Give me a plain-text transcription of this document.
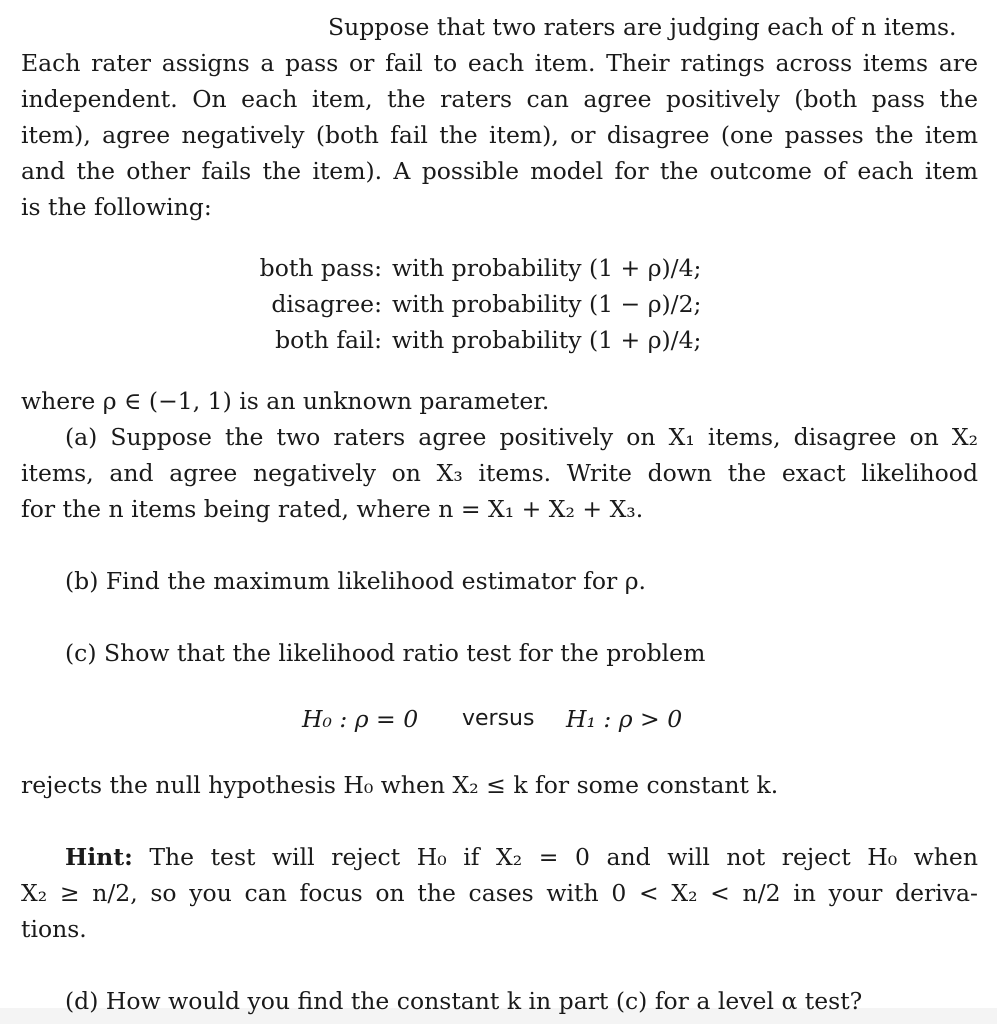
Suppose that two raters are judging each of n items.
Each rater assigns a pass or fail to each item. Their ratings across items are
independent. On each item, the raters can agree positively (both pass the
item), agree negatively (both fail the item), or disagree (one passes the item
and the other fails the item). A possible model for the outcome of each item
is the following:
both pass: with probability (1 + ρ)/4;
disagree: with probability (1 − ρ)/2;
both fail: with probability (1 + ρ)/4;
where ρ ∈ (−1, 1) is an unknown parameter.
(a) Suppose the two raters agree positively on X₁ items, disagree on X₂
items, and agree negatively on X₃ items. Write down the exact likelihood
for the n items being rated, where n = X₁ + X₂ + X₃.
(b) Find the maximum likelihood estimator for ρ.
(c) Show that the likelihood ratio test for the problem
H₀ : ρ = 0 versus H₁ : ρ > 0
rejects the null hypothesis H₀ when X₂ ≤ k for some constant k.
Hint: The test will reject H₀ if X₂ = 0 and will not reject H₀ when
X₂ ≥ n/2, so you can focus on the cases with 0 < X₂ < n/2 in your deriva-
tions.
(d) How would you find the constant k in part (c) for a level α test?
